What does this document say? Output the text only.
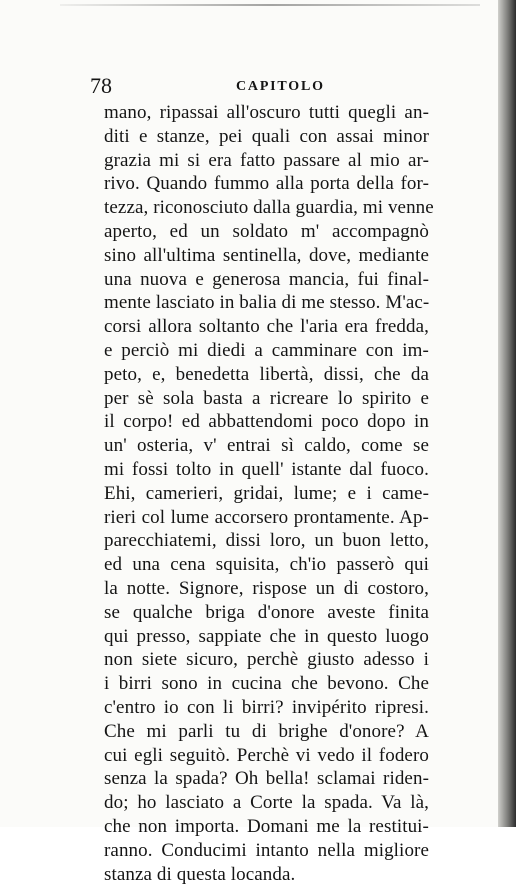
78	CAPITOLO
mano, ripassai all'oscuro tutti quegli an-
diti e stanze, pei quali con assai minor
grazia mi si era fatto passare al mio ar-
rivo. Quando fummo alla porta della for-
tezza, riconosciuto dalla guardia, mi venne
aperto, ed un soldato m' accompagnò
sino all'ultima sentinella, dove, mediante
una nuova e generosa mancia, fui final-
mente lasciato in balia di me stesso. M'ac-
corsi allora soltanto che l'aria era fredda,
e perciò mi diedi a camminare con im-
peto, e, benedetta libertà, dissi, che da
per sè sola basta a ricreare lo spirito e
il corpo! ed abbattendomi poco dopo in
un' osteria, v' entrai sì caldo, come se
mi fossi tolto in quell' istante dal fuoco.
Ehi, camerieri, gridai, lume; e i came-
rieri col lume accorsero prontamente. Ap-
parecchiatemi, dissi loro, un buon letto,
ed una cena squisita, ch'io passerò qui
la notte. Signore, rispose un di costoro,
se qualche briga d'onore aveste finita
qui presso, sappiate che in questo luogo
non siete sicuro, perchè giusto adesso i
i birri sono in cucina che bevono. Che
c'entro io con li birri? invipérito ripresi.
Che mi parli tu di brighe d'onore? A
cui egli seguitò. Perchè vi vedo il fodero
senza la spada? Oh bella! sclamai riden-
do; ho lasciato a Corte la spada. Va là,
che non importa. Domani me la restitui-
ranno. Conducimi intanto nella migliore
stanza di questa locanda.
